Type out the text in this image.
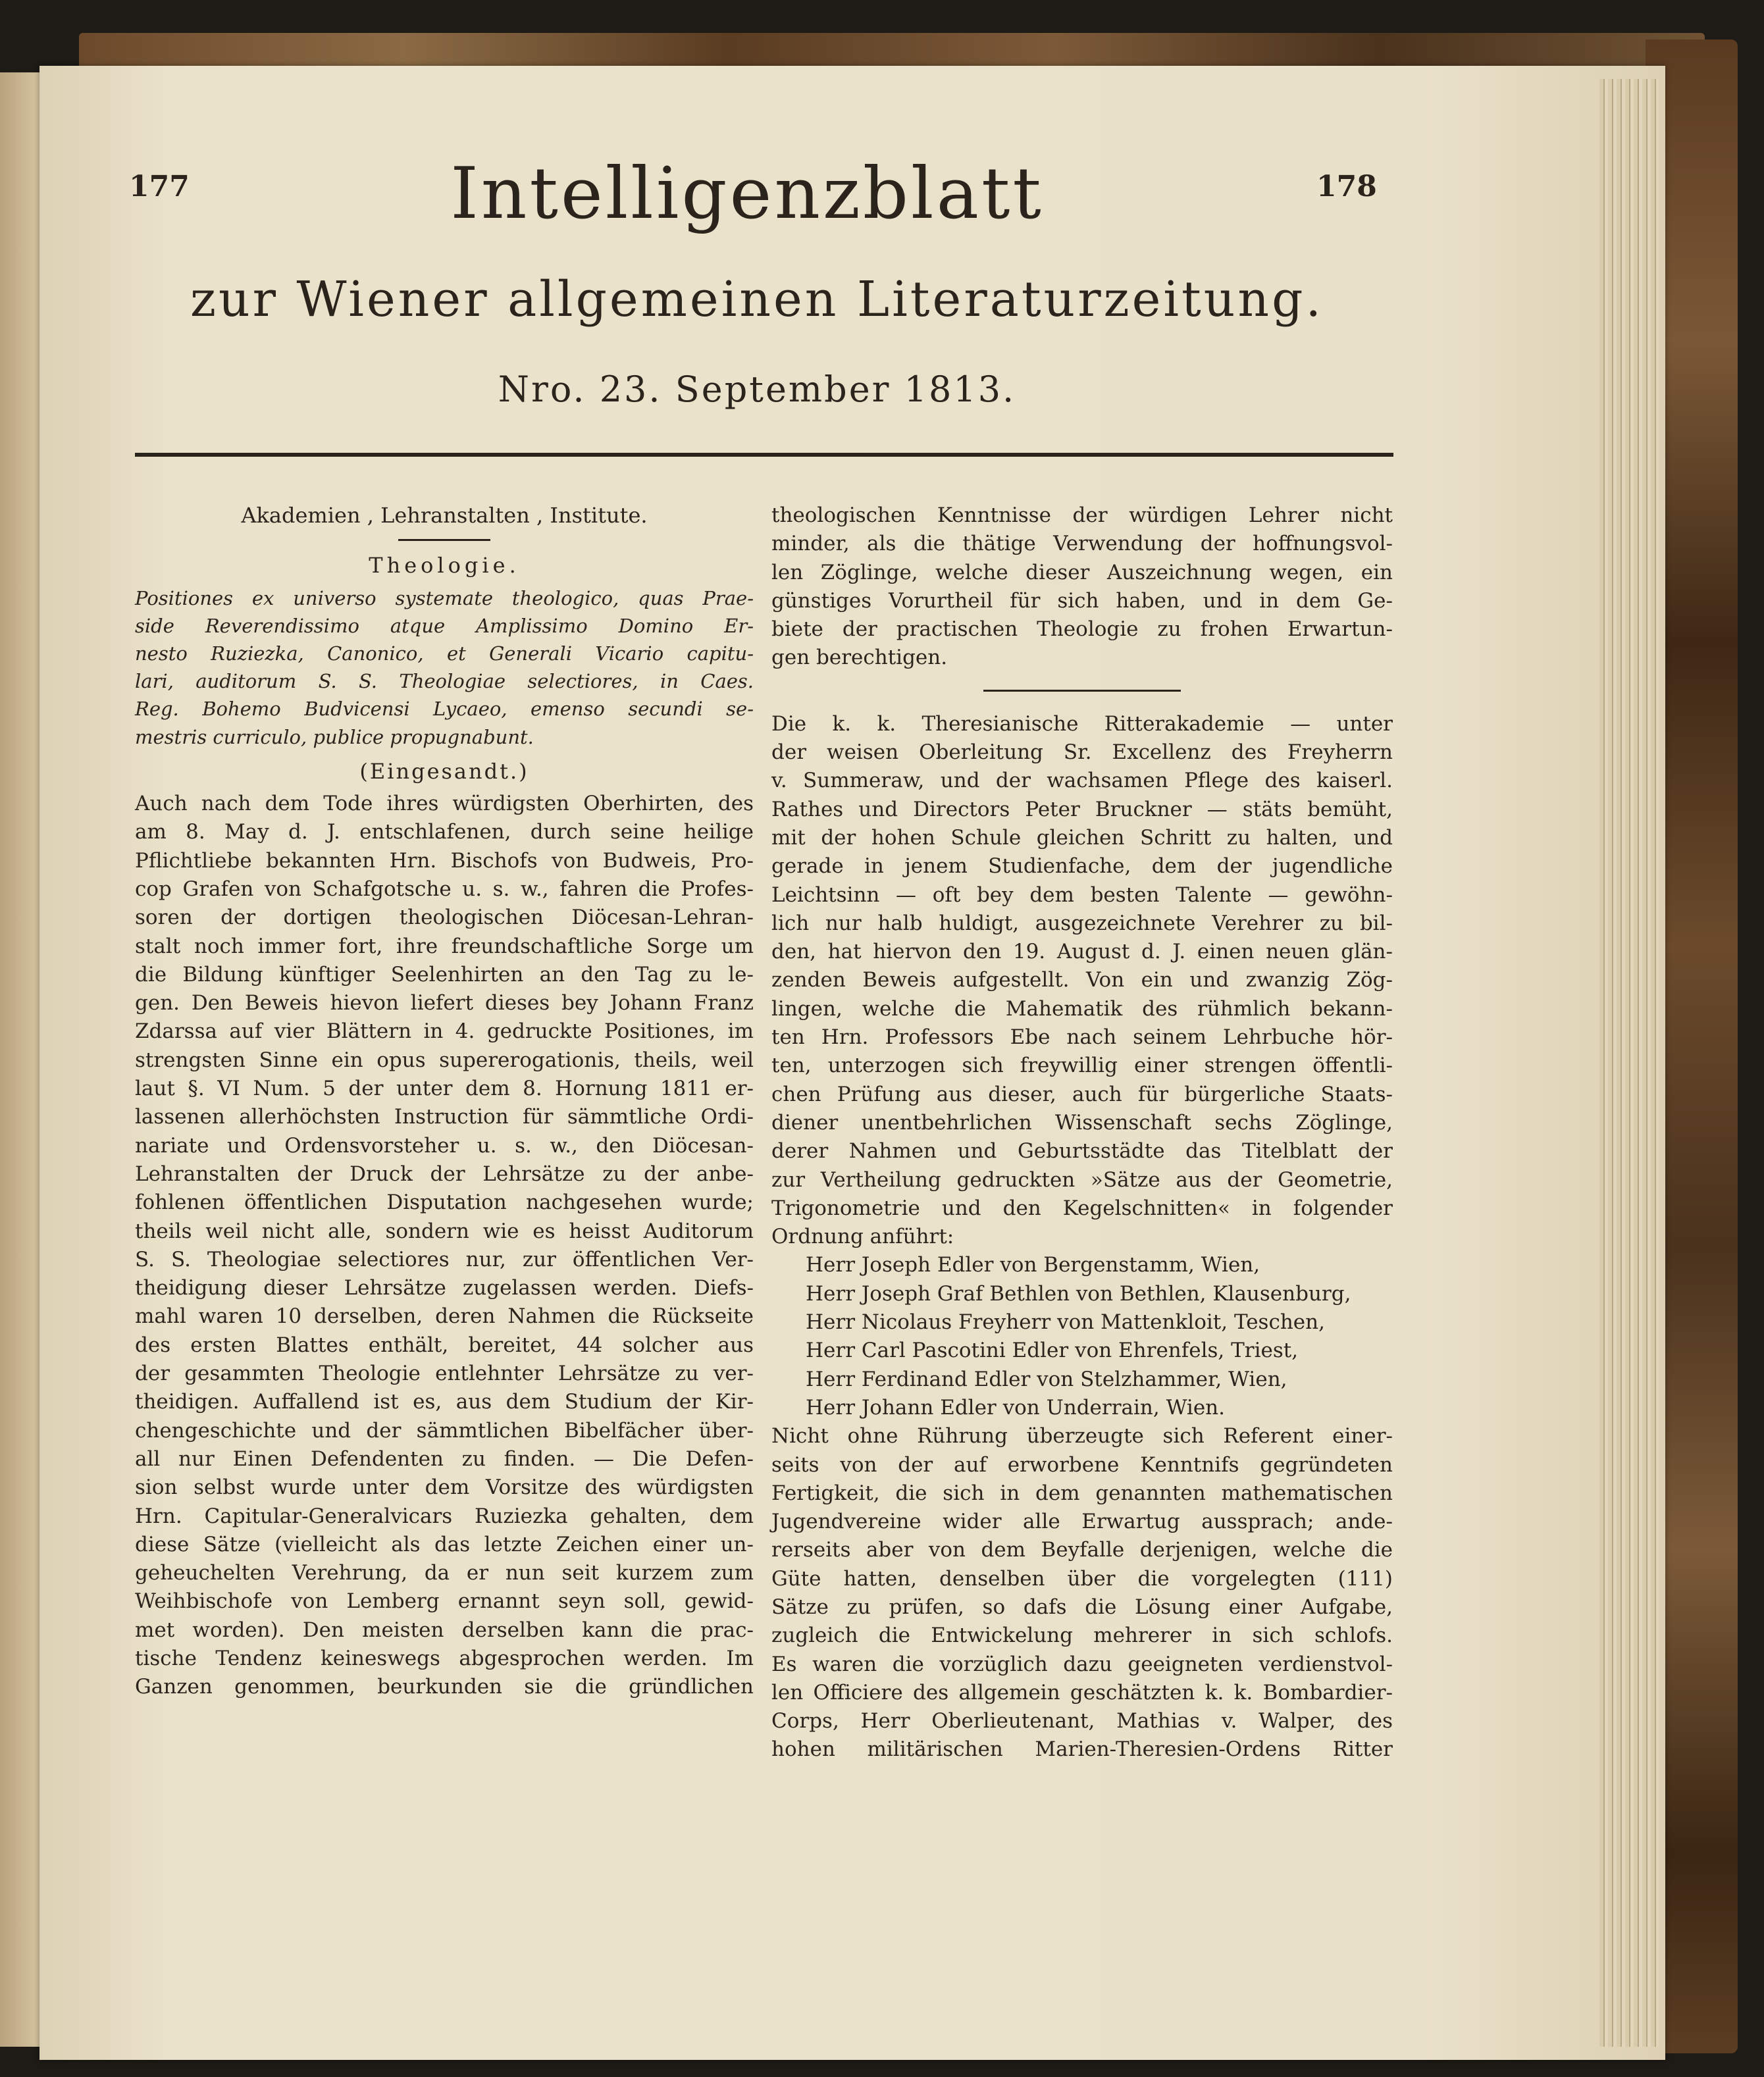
177	178
Intelligenzblatt
zur Wiener allgemeinen Literaturzeitung.
Nro. 23. September 1813.
Akademien , Lehranstalten , Institute.
Theologie.
Positiones ex universo systemate theologico, quas Prae-
side Reverendissimo atque Amplissimo Domino Er-
nesto Ruziezka, Canonico, et Generali Vicario capitu-
lari, auditorum S. S. Theologiae selectiores, in Caes.
Reg. Bohemo Budvicensi Lycaeo, emenso secundi se-
mestris curriculo, publice propugnabunt.
(Eingesandt.)
Auch nach dem Tode ihres würdigsten Oberhirten, des
am 8. May d. J. entschlafenen, durch seine heilige
Pflichtliebe bekannten Hrn. Bischofs von Budweis, Pro-
cop Grafen von Schafgotsche u. s. w., fahren die Profes-
soren der dortigen theologischen Diöcesan-Lehran-
stalt noch immer fort, ihre freundschaftliche Sorge um
die Bildung künftiger Seelenhirten an den Tag zu le-
gen. Den Beweis hievon liefert dieses bey Johann Franz
Zdarssa auf vier Blättern in 4. gedruckte Positiones, im
strengsten Sinne ein opus supererogationis, theils, weil
laut §. VI Num. 5 der unter dem 8. Hornung 1811 er-
lassenen allerhöchsten Instruction für sämmtliche Ordi-
nariate und Ordensvorsteher u. s. w., den Diöcesan-
Lehranstalten der Druck der Lehrsätze zu der anbe-
fohlenen öffentlichen Disputation nachgesehen wurde;
theils weil nicht alle, sondern wie es heisst Auditorum
S. S. Theologiae selectiores nur, zur öffentlichen Ver-
theidigung dieser Lehrsätze zugelassen werden. Diefs-
mahl waren 10 derselben, deren Nahmen die Rückseite
des ersten Blattes enthält, bereitet, 44 solcher aus
der gesammten Theologie entlehnter Lehrsätze zu ver-
theidigen. Auffallend ist es, aus dem Studium der Kir-
chengeschichte und der sämmtlichen Bibelfächer über-
all nur Einen Defendenten zu finden. — Die Defen-
sion selbst wurde unter dem Vorsitze des würdigsten
Hrn. Capitular-Generalvicars Ruziezka gehalten, dem
diese Sätze (vielleicht als das letzte Zeichen einer un-
geheuchelten Verehrung, da er nun seit kurzem zum
Weihbischofe von Lemberg ernannt seyn soll, gewid-
met worden). Den meisten derselben kann die prac-
tische Tendenz keineswegs abgesprochen werden. Im
Ganzen genommen, beurkunden sie die gründlichen
theologischen Kenntnisse der würdigen Lehrer nicht
minder, als die thätige Verwendung der hoffnungsvol-
len Zöglinge, welche dieser Auszeichnung wegen, ein
günstiges Vorurtheil für sich haben, und in dem Ge-
biete der practischen Theologie zu frohen Erwartun-
gen berechtigen.
Die k. k. Theresianische Ritterakademie — unter
der weisen Oberleitung Sr. Excellenz des Freyherrn
v. Summeraw, und der wachsamen Pflege des kaiserl.
Rathes und Directors Peter Bruckner — stäts bemüht,
mit der hohen Schule gleichen Schritt zu halten, und
gerade in jenem Studienfache, dem der jugendliche
Leichtsinn — oft bey dem besten Talente — gewöhn-
lich nur halb huldigt, ausgezeichnete Verehrer zu bil-
den, hat hiervon den 19. August d. J. einen neuen glän-
zenden Beweis aufgestellt. Von ein und zwanzig Zög-
lingen, welche die Mahematik des rühmlich bekann-
ten Hrn. Professors Ebe nach seinem Lehrbuche hör-
ten, unterzogen sich freywillig einer strengen öffentli-
chen Prüfung aus dieser, auch für bürgerliche Staats-
diener unentbehrlichen Wissenschaft sechs Zöglinge,
derer Nahmen und Geburtsstädte das Titelblatt der
zur Vertheilung gedruckten »Sätze aus der Geometrie,
Trigonometrie und den Kegelschnitten« in folgender
Ordnung anführt:
Herr Joseph Edler von Bergenstamm, Wien,
Herr Joseph Graf Bethlen von Bethlen, Klausenburg,
Herr Nicolaus Freyherr von Mattenkloit, Teschen,
Herr Carl Pascotini Edler von Ehrenfels, Triest,
Herr Ferdinand Edler von Stelzhammer, Wien,
Herr Johann Edler von Underrain, Wien.
Nicht ohne Rührung überzeugte sich Referent einer-
seits von der auf erworbene Kenntnifs gegründeten
Fertigkeit, die sich in dem genannten mathematischen
Jugendvereine wider alle Erwartug aussprach; ande-
rerseits aber von dem Beyfalle derjenigen, welche die
Güte hatten, denselben über die vorgelegten (111)
Sätze zu prüfen, so dafs die Lösung einer Aufgabe,
zugleich die Entwickelung mehrerer in sich schlofs.
Es waren die vorzüglich dazu geeigneten verdienstvol-
len Officiere des allgemein geschätzten k. k. Bombardier-
Corps, Herr Oberlieutenant, Mathias v. Walper, des
hohen militärischen Marien-Theresien-Ordens Ritter
